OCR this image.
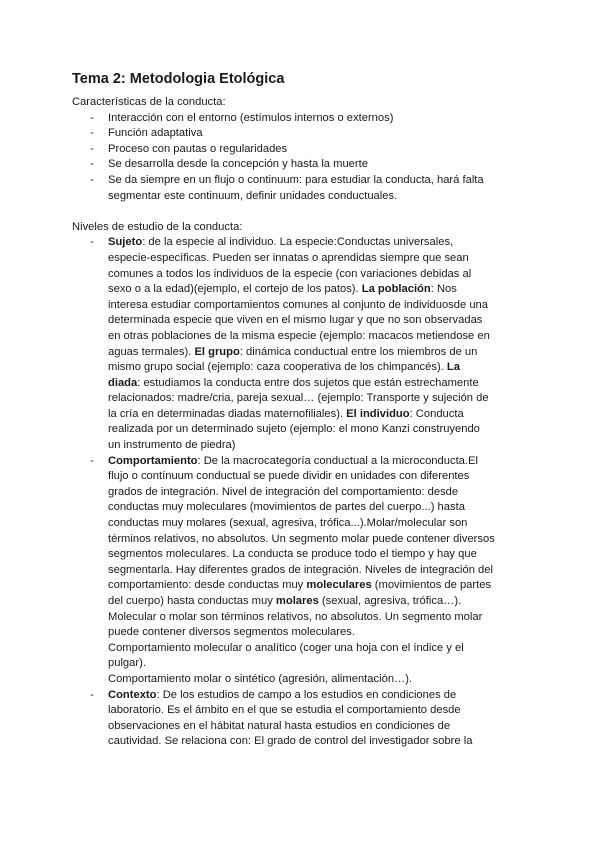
Tema 2: Metodologia Etológica

Características de la conducta:

- Interacción con el entorno (estímulos internos o externos)
- Función adaptativa
- Proceso con pautas o regularidades
- Se desarrolla desde la concepción y hasta la muerte
- Se da siempre en un flujo o continuum: para estudiar la conducta, hará falta
segmentar este continuum, definir unidades conductuales.

Niveles de estudio de la conducta:

- Sujeto: de la especie al individuo. La especie:Conductas universales,
especie-específicas. Pueden ser innatas o aprendidas siempre que sean
comunes a todos los individuos de la especie (con variaciones debidas al
sexo o a la edad)(ejemplo, el cortejo de los patos). La población: Nos
interesa estudiar comportamientos comunes al conjunto de individuosde una
determinada especie que viven en el mismo lugar y que no son observadas
en otras poblaciones de la misma especie (ejemplo: macacos metiendose en
aguas termales). El grupo: dinámica conductual entre los miembros de un
mismo grupo social (ejemplo: caza cooperativa de los chimpancés). La
diada: estudiamos la conducta entre dos sujetos que están estrechamente
relacionados: madre/cria, pareja sexual… (ejemplo: Transporte y sujeción de
la cría en determinadas diadas maternofiliales). El individuo: Conducta
realizada por un determinado sujeto (ejemplo: el mono Kanzi construyendo
un instrumento de piedra)
- Comportamiento: De la macrocategoría conductual a la microconducta.El
flujo o contínuum conductual se puede dividir en unidades con diferentes
grados de integración. Nivel de integración del comportamiento: desde
conductas muy moleculares (movimientos de partes del cuerpo...) hasta
conductas muy molares (sexual, agresiva, trófica...).Molar/molecular son
términos relativos, no absolutos. Un segmento molar puede contener diversos
segmentos moleculares. La conducta se produce todo el tiempo y hay que
segmentarla. Hay diferentes grados de integración. Niveles de integración del
comportamiento: desde conductas muy moleculares (movimientos de partes
del cuerpo) hasta conductas muy molares (sexual, agresiva, trófica…).
Molecular o molar son términos relativos, no absolutos. Un segmento molar
puede contener diversos segmentos moleculares.
Comportamiento molecular o analítico (coger una hoja con el índice y el
pulgar).
Comportamiento molar o sintético (agresión, alimentación…).
- Contexto: De los estudios de campo a los estudios en condiciones de
laboratorio. Es el ámbito en el que se estudia el comportamiento desde
observaciones en el hábitat natural hasta estudios en condiciones de
cautividad. Se relaciona con: El grado de control del investigador sobre la
